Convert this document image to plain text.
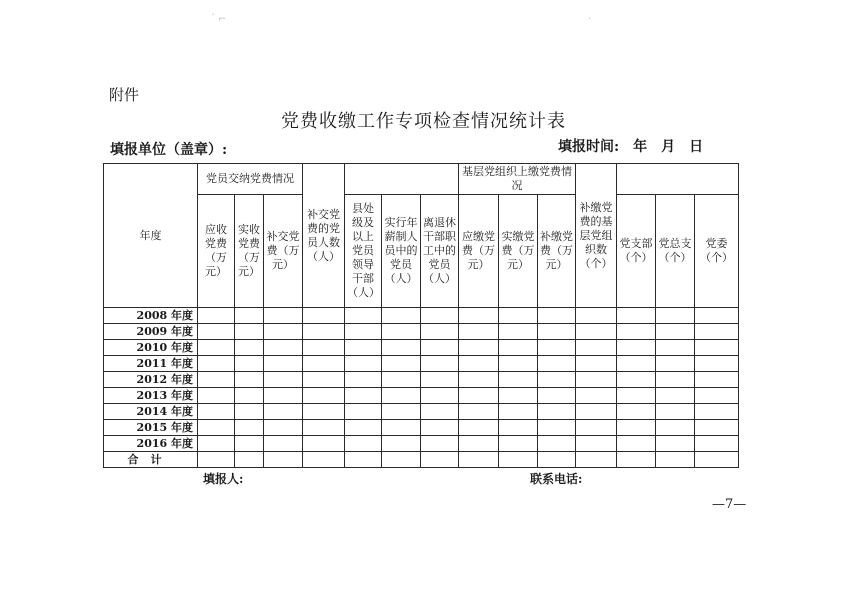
´ ⌐	·
附件
党费收缴工作专项检查情况统计表
填报单位（盖章）:	填报时间:　年　月　日
年度	党员交纳党费情况			补交党费的党员人数（人）				基层党组织上缴党费情况			补缴党费的基层党组织数（个）			
	应收党费（万元）	实收党费（万元）	补交党费（万元）		县处级及以上党员领导干部（人）	实行年薪制人员中的党员（人）	离退休干部职工中的党员（人）	应缴党费（万元）	实缴党费（万元）	补缴党费（万元）		党支部（个）	党总支（个）	党委（个）
2008 年度														
2009 年度														
2010 年度														
2011 年度														
2012 年度														
2013 年度														
2014 年度														
2015 年度														
2016 年度														
合计														
填报人:	联系电话:
—7—
